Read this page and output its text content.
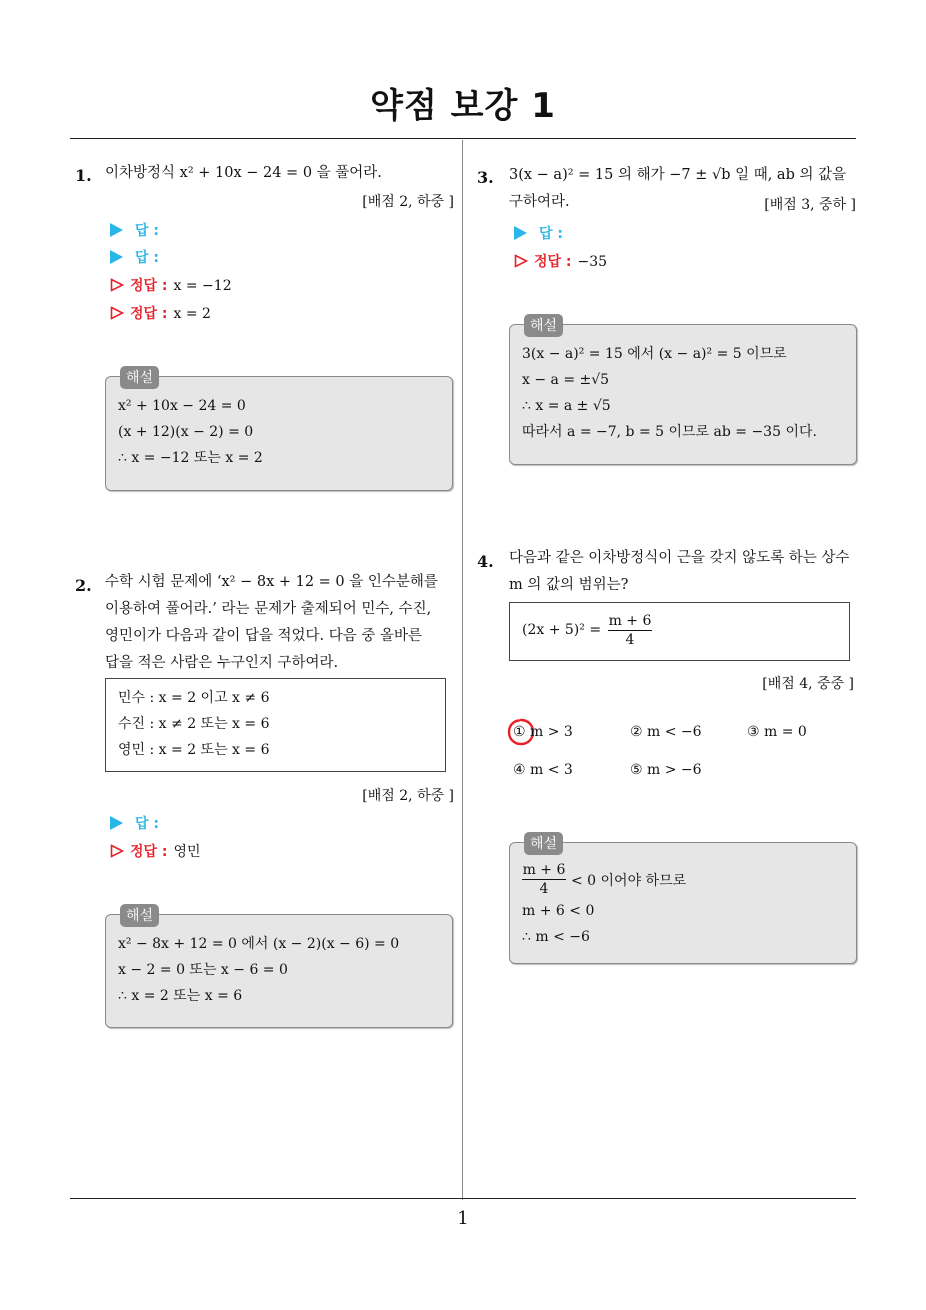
약점 보강 1
1. 이차방정식 x² + 10x − 24 = 0 을 풀어라.
[배점 2, 하중 ]
답 :
답 :
정답 : x = −12
정답 : x = 2
해설
x² + 10x − 24 = 0
(x + 12)(x − 2) = 0
∴ x = −12 또는 x = 2
2. 수학 시험 문제에 ‘x² − 8x + 12 = 0 을 인수분해를
이용하여 풀어라.’ 라는 문제가 출제되어 민수, 수진,
영민이가 다음과 같이 답을 적었다. 다음 중 올바른
답을 적은 사람은 누구인지 구하여라.
민수 : x = 2 이고 x ≠ 6
수진 : x ≠ 2 또는 x = 6
영민 : x = 2 또는 x = 6
[배점 2, 하중 ]
답 :
정답 : 영민
해설
x² − 8x + 12 = 0 에서 (x − 2)(x − 6) = 0
x − 2 = 0 또는 x − 6 = 0
∴ x = 2 또는 x = 6
3. 3(x − a)² = 15 의 해가 −7 ± √b 일 때, ab 의 값을
구하여라.	[배점 3, 중하 ]
답 :
정답 : −35
해설
3(x − a)² = 15 에서 (x − a)² = 5 이므로
x − a = ±√5
∴ x = a ± √5
따라서 a = −7, b = 5 이므로 ab = −35 이다.
4. 다음과 같은 이차방정식이 근을 갖지 않도록 하는 상수
m 의 값의 범위는?
$(2x + 5)^2 = \frac{m + 6}{4}$
[배점 4, 중중 ]
① m > 3	② m < −6	③ m = 0
④ m < 3	⑤ m > −6
해설
$\frac{m + 6}{4} < 0$ 이어야 하므로
m + 6 < 0
∴ m < −6
1
